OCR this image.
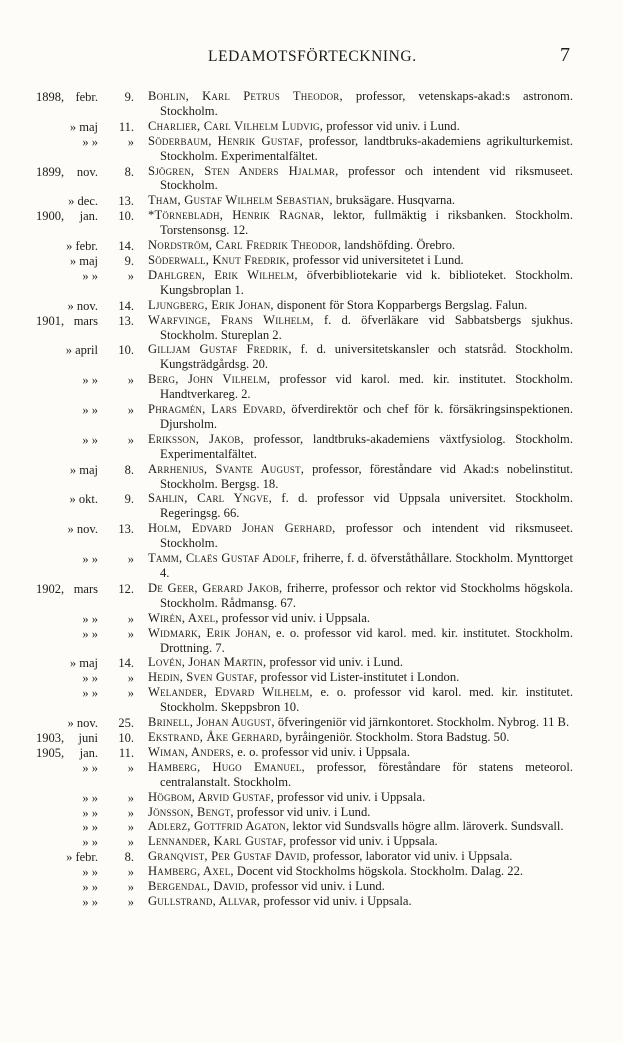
LEDAMOTSFÖRTECKNING.	7
1898, febr. 9. Bohlin, Karl Petrus Theodor, professor, vetenskaps-akad:s astronom. Stockholm.

» maj 11. Charlier, Carl Vilhelm Ludvig, professor vid univ. i Lund.

» » » Söderbaum, Henrik Gustaf, professor, landtbruks-akademiens agrikulturkemist. Stockholm. Experimentalfältet.

1899, nov. 8. Sjögren, Sten Anders Hjalmar, professor och intendent vid riksmuseet. Stockholm.

» dec. 13. Tham, Gustaf Wilhelm Sebastian, bruksägare. Husqvarna.

1900, jan. 10. *Törnebladh, Henrik Ragnar, lektor, fullmäktig i riksbanken. Stockholm. Torstensonsg. 12.

» febr. 14. Nordström, Carl Fredrik Theodor, landshöfding. Örebro.

» maj 9. Söderwall, Knut Fredrik, professor vid universitetet i Lund.

» » » Dahlgren, Erik Wilhelm, öfverbibliotekarie vid k. biblioteket. Stockholm. Kungsbroplan 1.

» nov. 14. Ljungberg, Erik Johan, disponent för Stora Kopparbergs Bergslag. Falun.

1901, mars 13. Warfvinge, Frans Wilhelm, f. d. öfverläkare vid Sabbatsbergs sjukhus. Stockholm. Stureplan 2.

» april 10. Gilljam Gustaf Fredrik, f. d. universitetskansler och statsråd. Stockholm. Kungsträdgårdsg. 20.

» » » Berg, John Vilhelm, professor vid karol. med. kir. institutet. Stockholm. Handtverkareg. 2.

» » » Phragmén, Lars Edvard, öfverdirektör och chef för k. försäkringsinspektionen. Djursholm.

» » » Eriksson, Jakob, professor, landtbruks-akademiens växtfysiolog. Stockholm. Experimentalfältet.

» maj 8. Arrhenius, Svante August, professor, föreståndare vid Akad:s nobelinstitut. Stockholm. Bergsg. 18.

» okt. 9. Sahlin, Carl Yngve, f. d. professor vid Uppsala universitet. Stockholm. Regeringsg. 66.

» nov. 13. Holm, Edvard Johan Gerhard, professor och intendent vid riksmuseet. Stockholm.

» » » Tamm, Claës Gustaf Adolf, friherre, f. d. öfverståthållare. Stockholm. Mynttorget 4.

1902, mars 12. De Geer, Gerard Jakob, friherre, professor och rektor vid Stockholms högskola. Stockholm. Rådmansg. 67.

» » » Wirén, Axel, professor vid univ. i Uppsala.

» » » Widmark, Erik Johan, e. o. professor vid karol. med. kir. institutet. Stockholm. Drottning. 7.

» maj 14. Lovén, Johan Martin, professor vid univ. i Lund.

» » » Hedin, Sven Gustaf, professor vid Lister-institutet i London.

» » » Welander, Edvard Wilhelm, e. o. professor vid karol. med. kir. institutet. Stockholm. Skeppsbron 10.

» nov. 25. Brinell, Johan August, öfveringeniör vid järnkontoret. Stockholm. Nybrog. 11 B.

1903, juni 10. Ekstrand, Åke Gerhard, byråingeniör. Stockholm. Stora Badstug. 50.

1905, jan. 11. Wiman, Anders, e. o. professor vid univ. i Uppsala.

» » » Hamberg, Hugo Emanuel, professor, föreståndare för statens meteorol. centralanstalt. Stockholm.

» » » Högbom, Arvid Gustaf, professor vid univ. i Uppsala.

» » » Jönsson, Bengt, professor vid univ. i Lund.

» » » Adlerz, Gottfrid Agaton, lektor vid Sundsvalls högre allm. läroverk. Sundsvall.

» » » Lennander, Karl Gustaf, professor vid univ. i Uppsala.

» febr. 8. Granqvist, Per Gustaf David, professor, laborator vid univ. i Uppsala.

» » » Hamberg, Axel, Docent vid Stockholms högskola. Stockholm. Dalag. 22.

» » » Bergendal, David, professor vid univ. i Lund.

» » » Gullstrand, Allvar, professor vid univ. i Uppsala.
